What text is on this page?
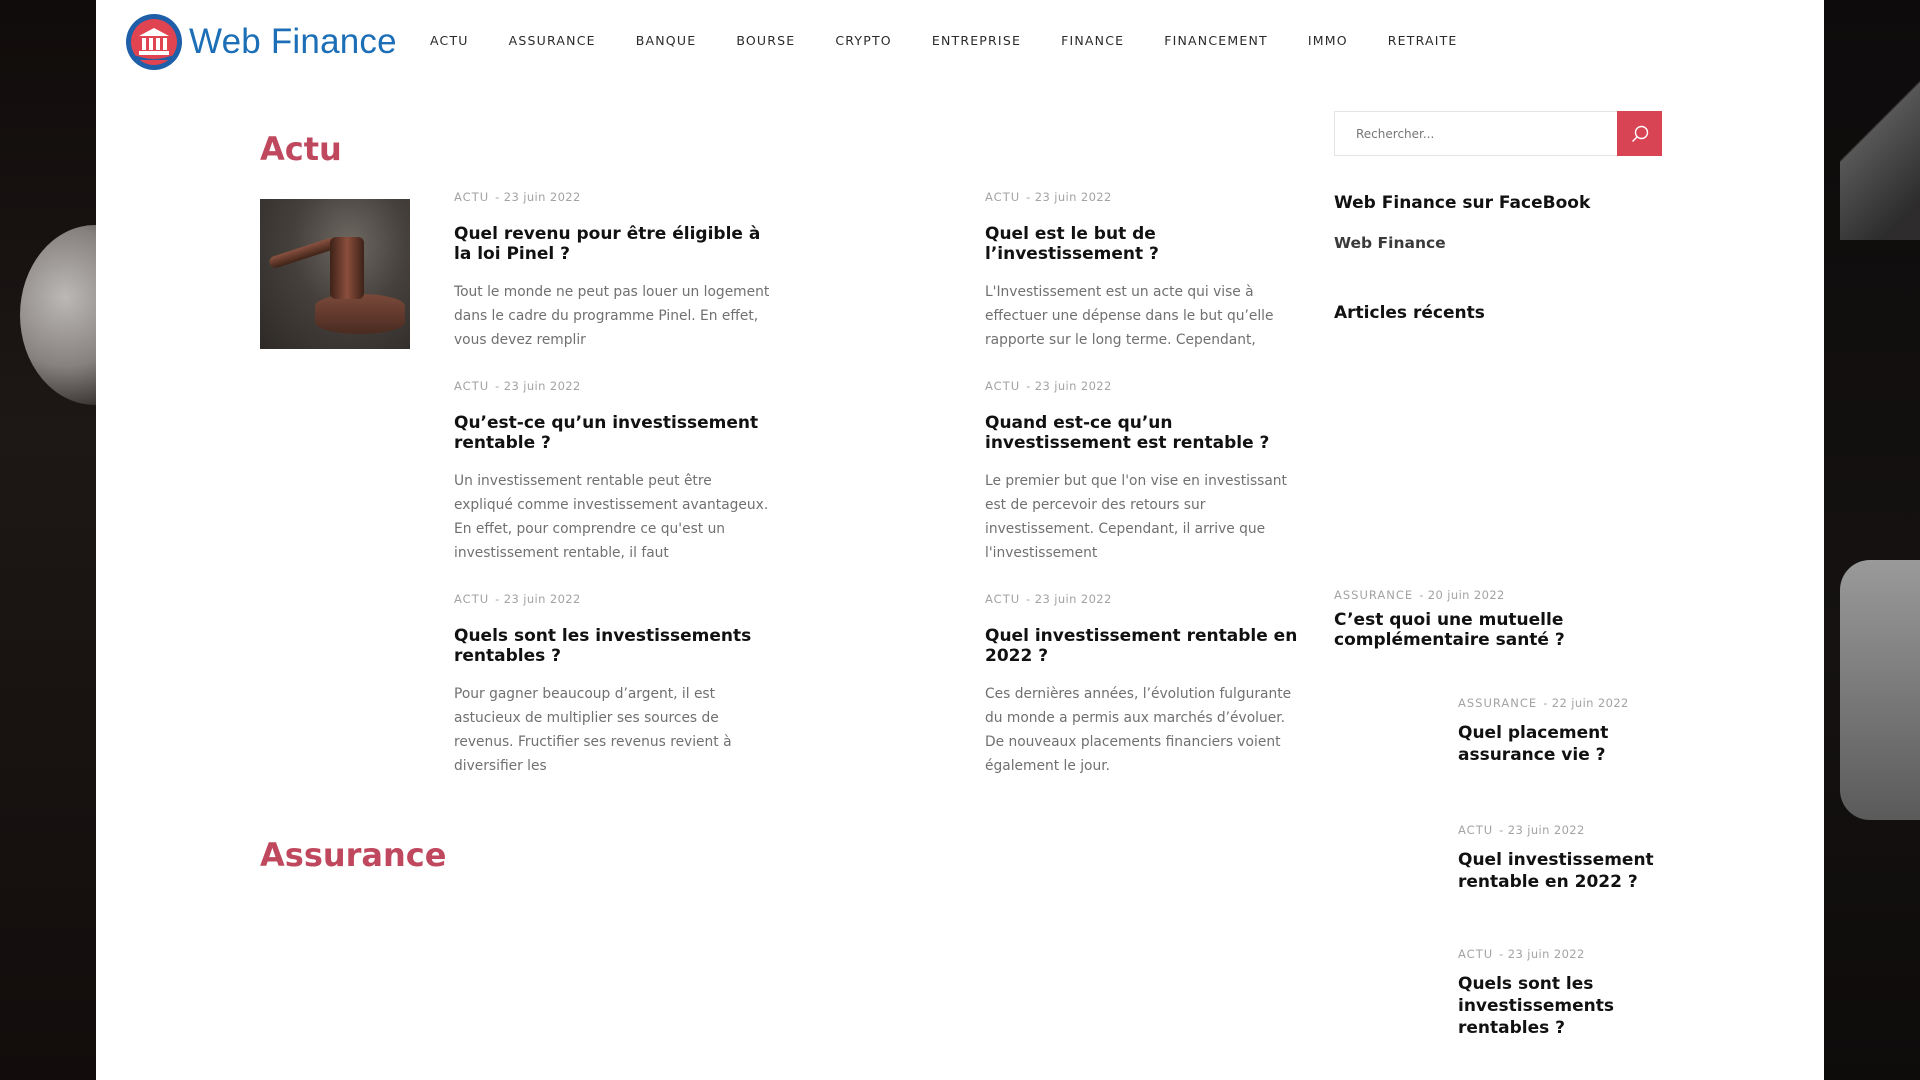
Web Finance	ACTU	ASSURANCE	BANQUE	BOURSE	CRYPTO	ENTREPRISE	FINANCE	FINANCEMENT	IMMO	RETRAITE
Actu
ACTU - 23 juin 2022
Quel revenu pour être éligible à la loi Pinel ?
Tout le monde ne peut pas louer un logement dans le cadre du programme Pinel. En effet, vous devez remplir
ACTU - 23 juin 2022
Qu’est-ce qu’un investissement rentable ?
Un investissement rentable peut être expliqué comme investissement avantageux. En effet, pour comprendre ce qu'est un investissement rentable, il faut
ACTU - 23 juin 2022
Quels sont les investissements rentables ?
Pour gagner beaucoup d’argent, il est astucieux de multiplier ses sources de revenus. Fructifier ses revenus revient à diversifier les
ACTU - 23 juin 2022
Quel est le but de l’investissement ?
L'Investissement est un acte qui vise à effectuer une dépense dans le but qu’elle rapporte sur le long terme. Cependant,
ACTU - 23 juin 2022
Quand est-ce qu’un investissement est rentable ?
Le premier but que l'on vise en investissant est de percevoir des retours sur investissement. Cependant, il arrive que l'investissement
ACTU - 23 juin 2022
Quel investissement rentable en 2022 ?
Ces dernières années, l’évolution fulgurante du monde a permis aux marchés d’évoluer. De nouveaux placements financiers voient également le jour.
Assurance
Rechercher...
Web Finance sur FaceBook
Web Finance
Articles récents
ASSURANCE - 20 juin 2022
C’est quoi une mutuelle complémentaire santé ?
ASSURANCE - 22 juin 2022
Quel placement assurance vie ?
ACTU - 23 juin 2022
Quel investissement rentable en 2022 ?
ACTU - 23 juin 2022
Quels sont les investissements rentables ?
